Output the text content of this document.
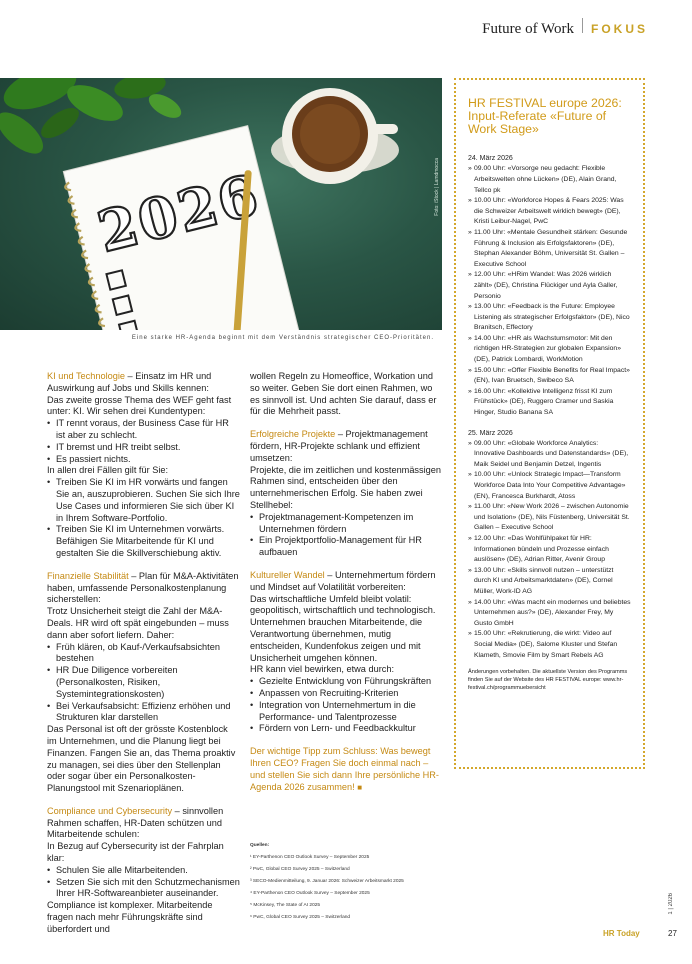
Future of Work FOKUS
2026	Foto: iStock | Lamdmocca
Eine starke HR-Agenda beginnt mit dem Verständnis strategischer CEO-Prioritäten.

KI und Technologie – Einsatz im HR und Auswirkung auf Jobs und Skills kennen:

Das zweite grosse Thema des WEF geht fast unter: KI. Wir sehen drei Kundentypen:

• IT rennt voraus, der Business Case für HR ist aber zu schlecht.
• IT bremst und HR treibt selbst.
• Es passiert nichts.

In allen drei Fällen gilt für Sie:

• Treiben Sie KI im HR vorwärts und fangen Sie an, auszuprobieren. Suchen Sie sich Ihre Use Cases und informieren Sie sich über KI in Ihrem Software-Portfolio.
• Treiben Sie KI im Unternehmen vorwärts. Befähigen Sie Mitarbeitende für KI und gestalten Sie die Skillverschiebung aktiv.

Finanzielle Stabilität – Plan für M&A-Aktivitäten haben, umfassende Personalkostenplanung sicherstellen:

Trotz Unsicherheit steigt die Zahl der M&A-Deals. HR wird oft spät eingebunden – muss dann aber sofort liefern. Daher:

• Früh klären, ob Kauf-/Verkaufsabsichten bestehen
• HR Due Diligence vorbereiten (Personalkosten, Risiken, Systemintegrationskosten)
• Bei Verkaufsabsicht: Effizienz erhöhen und Strukturen klar darstellen

Das Personal ist oft der grösste Kostenblock im Unternehmen, und die Planung liegt bei Finanzen. Fangen Sie an, das Thema proaktiv zu managen, sei dies über den Stellenplan oder sogar über ein Personalkosten-Planungstool mit Szenarioplänen.

Compliance und Cybersecurity – sinnvollen Rahmen schaffen, HR-Daten schützen und Mitarbeitende schulen:

In Bezug auf Cybersecurity ist der Fahrplan klar:

• Schulen Sie alle Mitarbeitenden.
• Setzen Sie sich mit den Schutzmechanismen Ihrer HR-Softwareanbieter auseinander.

Compliance ist komplexer. Mitarbeitende fragen nach mehr Führungskräfte sind überfordert und

wollen Regeln zu Homeoffice, Workation und so weiter. Geben Sie dort einen Rahmen, wo es sinnvoll ist. Und achten Sie darauf, dass er für die Mehrheit passt.

Erfolgreiche Projekte – Projektmanagement fördern, HR-Projekte schlank und effizient umsetzen:

Projekte, die im zeitlichen und kostenmässigen Rahmen sind, entscheiden über den unternehmerischen Erfolg. Sie haben zwei Stellhebel:

• Projektmanagement-Kompetenzen im Unternehmen fördern
• Ein Projektportfolio-Management für HR aufbauen

Kultureller Wandel – Unternehmertum fördern und Mindset auf Volatilität vorbereiten:

Das wirtschaftliche Umfeld bleibt volatil: geopolitisch, wirtschaftlich und technologisch. Unternehmen brauchen Mitarbeitende, die Verantwortung übernehmen, mutig entscheiden, Kundenfokus zeigen und mit Unsicherheit umgehen können.

HR kann viel bewirken, etwa durch:

• Gezielte Entwicklung von Führungskräften
• Anpassen von Recruiting-Kriterien
• Integration von Unternehmertum in die Performance- und Talentprozesse
• Fördern von Lern- und Feedbackkultur

Der wichtige Tipp zum Schluss: Was bewegt Ihren CEO? Fragen Sie doch einmal nach – und stellen Sie sich dann Ihre persönliche HR-Agenda 2026 zusammen! ■

Quellen:
¹ EY-Parthenon CEO Outlook Survey – September 2025
² PwC, Global CEO Survey 2025 – Switzerland
³ SECO-Medienmitteilung, 9. Januar 2026: Schweizer Arbeitsmarkt 2025
⁴ EY-Parthenon CEO Outlook Survey – September 2025
⁵ McKinsey, The State of AI 2025
⁶ PwC, Global CEO Survey 2025 – Switzerland
HR FESTIVAL europe 2026: Input-Referate «Future of Work Stage»
24. März 2026
» 09.00 Uhr: «Vorsorge neu gedacht: Flexible Arbeitswelten ohne Lücken» (DE), Alain Grand, Tellco pk
» 10.00 Uhr: «Workforce Hopes & Fears 2025: Was die Schweizer Arbeitswelt wirklich bewegt» (DE), Kristi Leibur-Nagel, PwC
» 11.00 Uhr: «Mentale Gesundheit stärken: Gesunde Führung & Inclusion als Erfolgsfaktoren» (DE), Stephan Alexander Böhm, Universität St. Gallen – Executive School
» 12.00 Uhr: «HRim Wandel: Was 2026 wirklich zählt» (DE), Christina Flückiger und Ayla Galler, Personio
» 13.00 Uhr: «Feedback is the Future: Employee Listening als strategischer Erfolgsfaktor» (DE), Nico Branitsch, Effectory
» 14.00 Uhr: «HR als Wachstumsmotor: Mit den richtigen HR-Strategien zur globalen Expansion» (DE), Patrick Lombardi, WorkMotion
» 15.00 Uhr: «Offer Flexible Benefits for Real Impact» (EN), Ivan Bruetsch, Swibeco SA
» 16.00 Uhr: «Kollektive Intelligenz frisst KI zum Frühstück» (DE), Ruggero Cramer und Saskia Hinger, Studio Banana SA
25. März 2026
» 09.00 Uhr: «Globale Workforce Analytics: Innovative Dashboards und Datenstandards» (DE), Maik Seidel und Benjamin Detzel, Ingentis
» 10.00 Uhr: «Unlock Strategic Impact—Transform Workforce Data Into Your Competitive Advantage» (EN), Francesca Burkhardt, Atoss
» 11.00 Uhr: «New Work 2026 – zwischen Autonomie und Isolation» (DE), Nils Füstenberg, Universität St. Gallen – Executive School
» 12.00 Uhr: «Das Wohlfühlpaket für HR: Informationen bündeln und Prozesse einfach auslösen» (DE), Adrian Ritter, Avenir Group
» 13.00 Uhr: «Skills sinnvoll nutzen – unterstützt durch KI und Arbeitsmarktdaten» (DE), Cornel Müller, Work-ID AG
» 14.00 Uhr: «Was macht ein modernes und beliebtes Unternehmen aus?» (DE), Alexander Frey, My Gusto GmbH
» 15.00 Uhr: «Rekrutierung, die wirkt: Video auf Social Media» (DE), Salome Kluster und Stefan Klameth, Smovie Film by Smart Rebels AG
Änderungen vorbehalten. Die aktuellste Version des Programms finden Sie auf der Website des HR FESTIVAL europe: www.hr-festival.ch/programmuebersicht
1 | 2026
HR Today	27
